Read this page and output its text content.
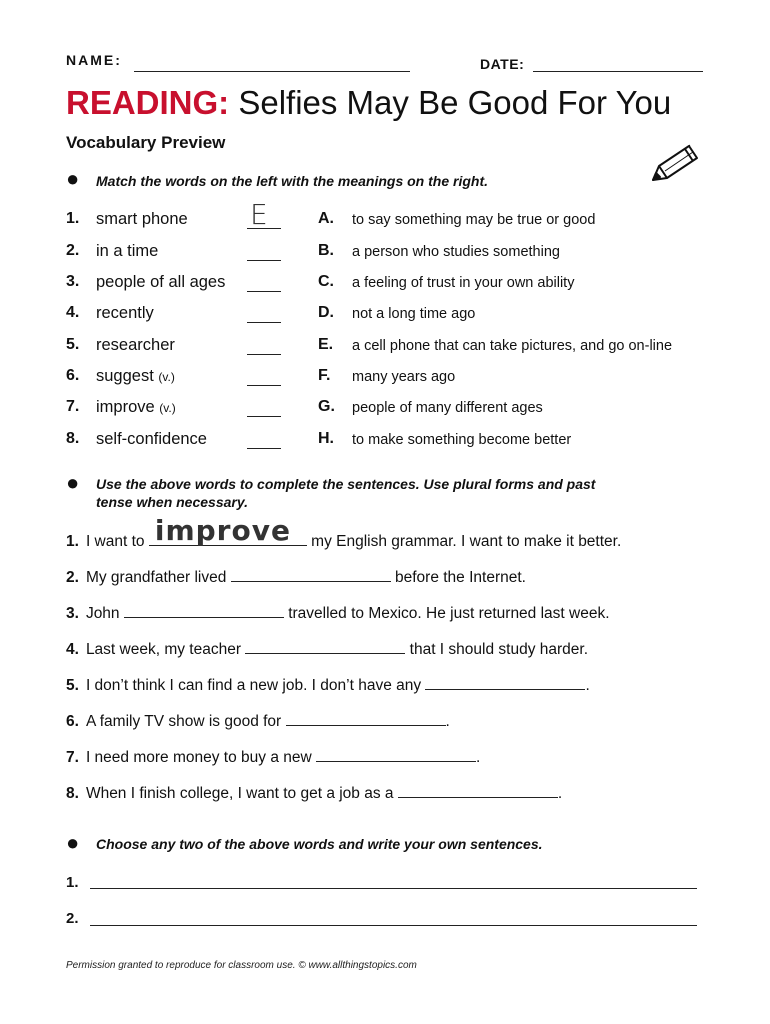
NAME:	DATE:
READING: Selfies May Be Good For You
Vocabulary Preview
● Match the words on the left with the meanings on the right.
1. smart phone	A. to say something may be true or good
2. in a time	B. a person who studies something
3. people of all ages	C. a feeling of trust in your own ability
4. recently	D. not a long time ago
5. researcher	E. a cell phone that can take pictures, and go on-line
6. suggest (v.)	F. many years ago
7. improve (v.)	G. people of many different ages
8. self-confidence	H. to make something become better
E
● Use the above words to complete the sentences. Use plural forms and past
tense when necessary.
1. I want to improve my English grammar. I want to make it better.
2. My grandfather lived	before the Internet.
3. John	travelled to Mexico. He just returned last week.
4. Last week, my teacher	that I should study harder.
5. I don’t think I can find a new job. I don’t have any	.
6. A family TV show is good for	.
7. I need more money to buy a new	.
8. When I finish college, I want to get a job as a	.
● Choose any two of the above words and write your own sentences.
1.
2.
Permission granted to reproduce for classroom use. © www.allthingstopics.com
